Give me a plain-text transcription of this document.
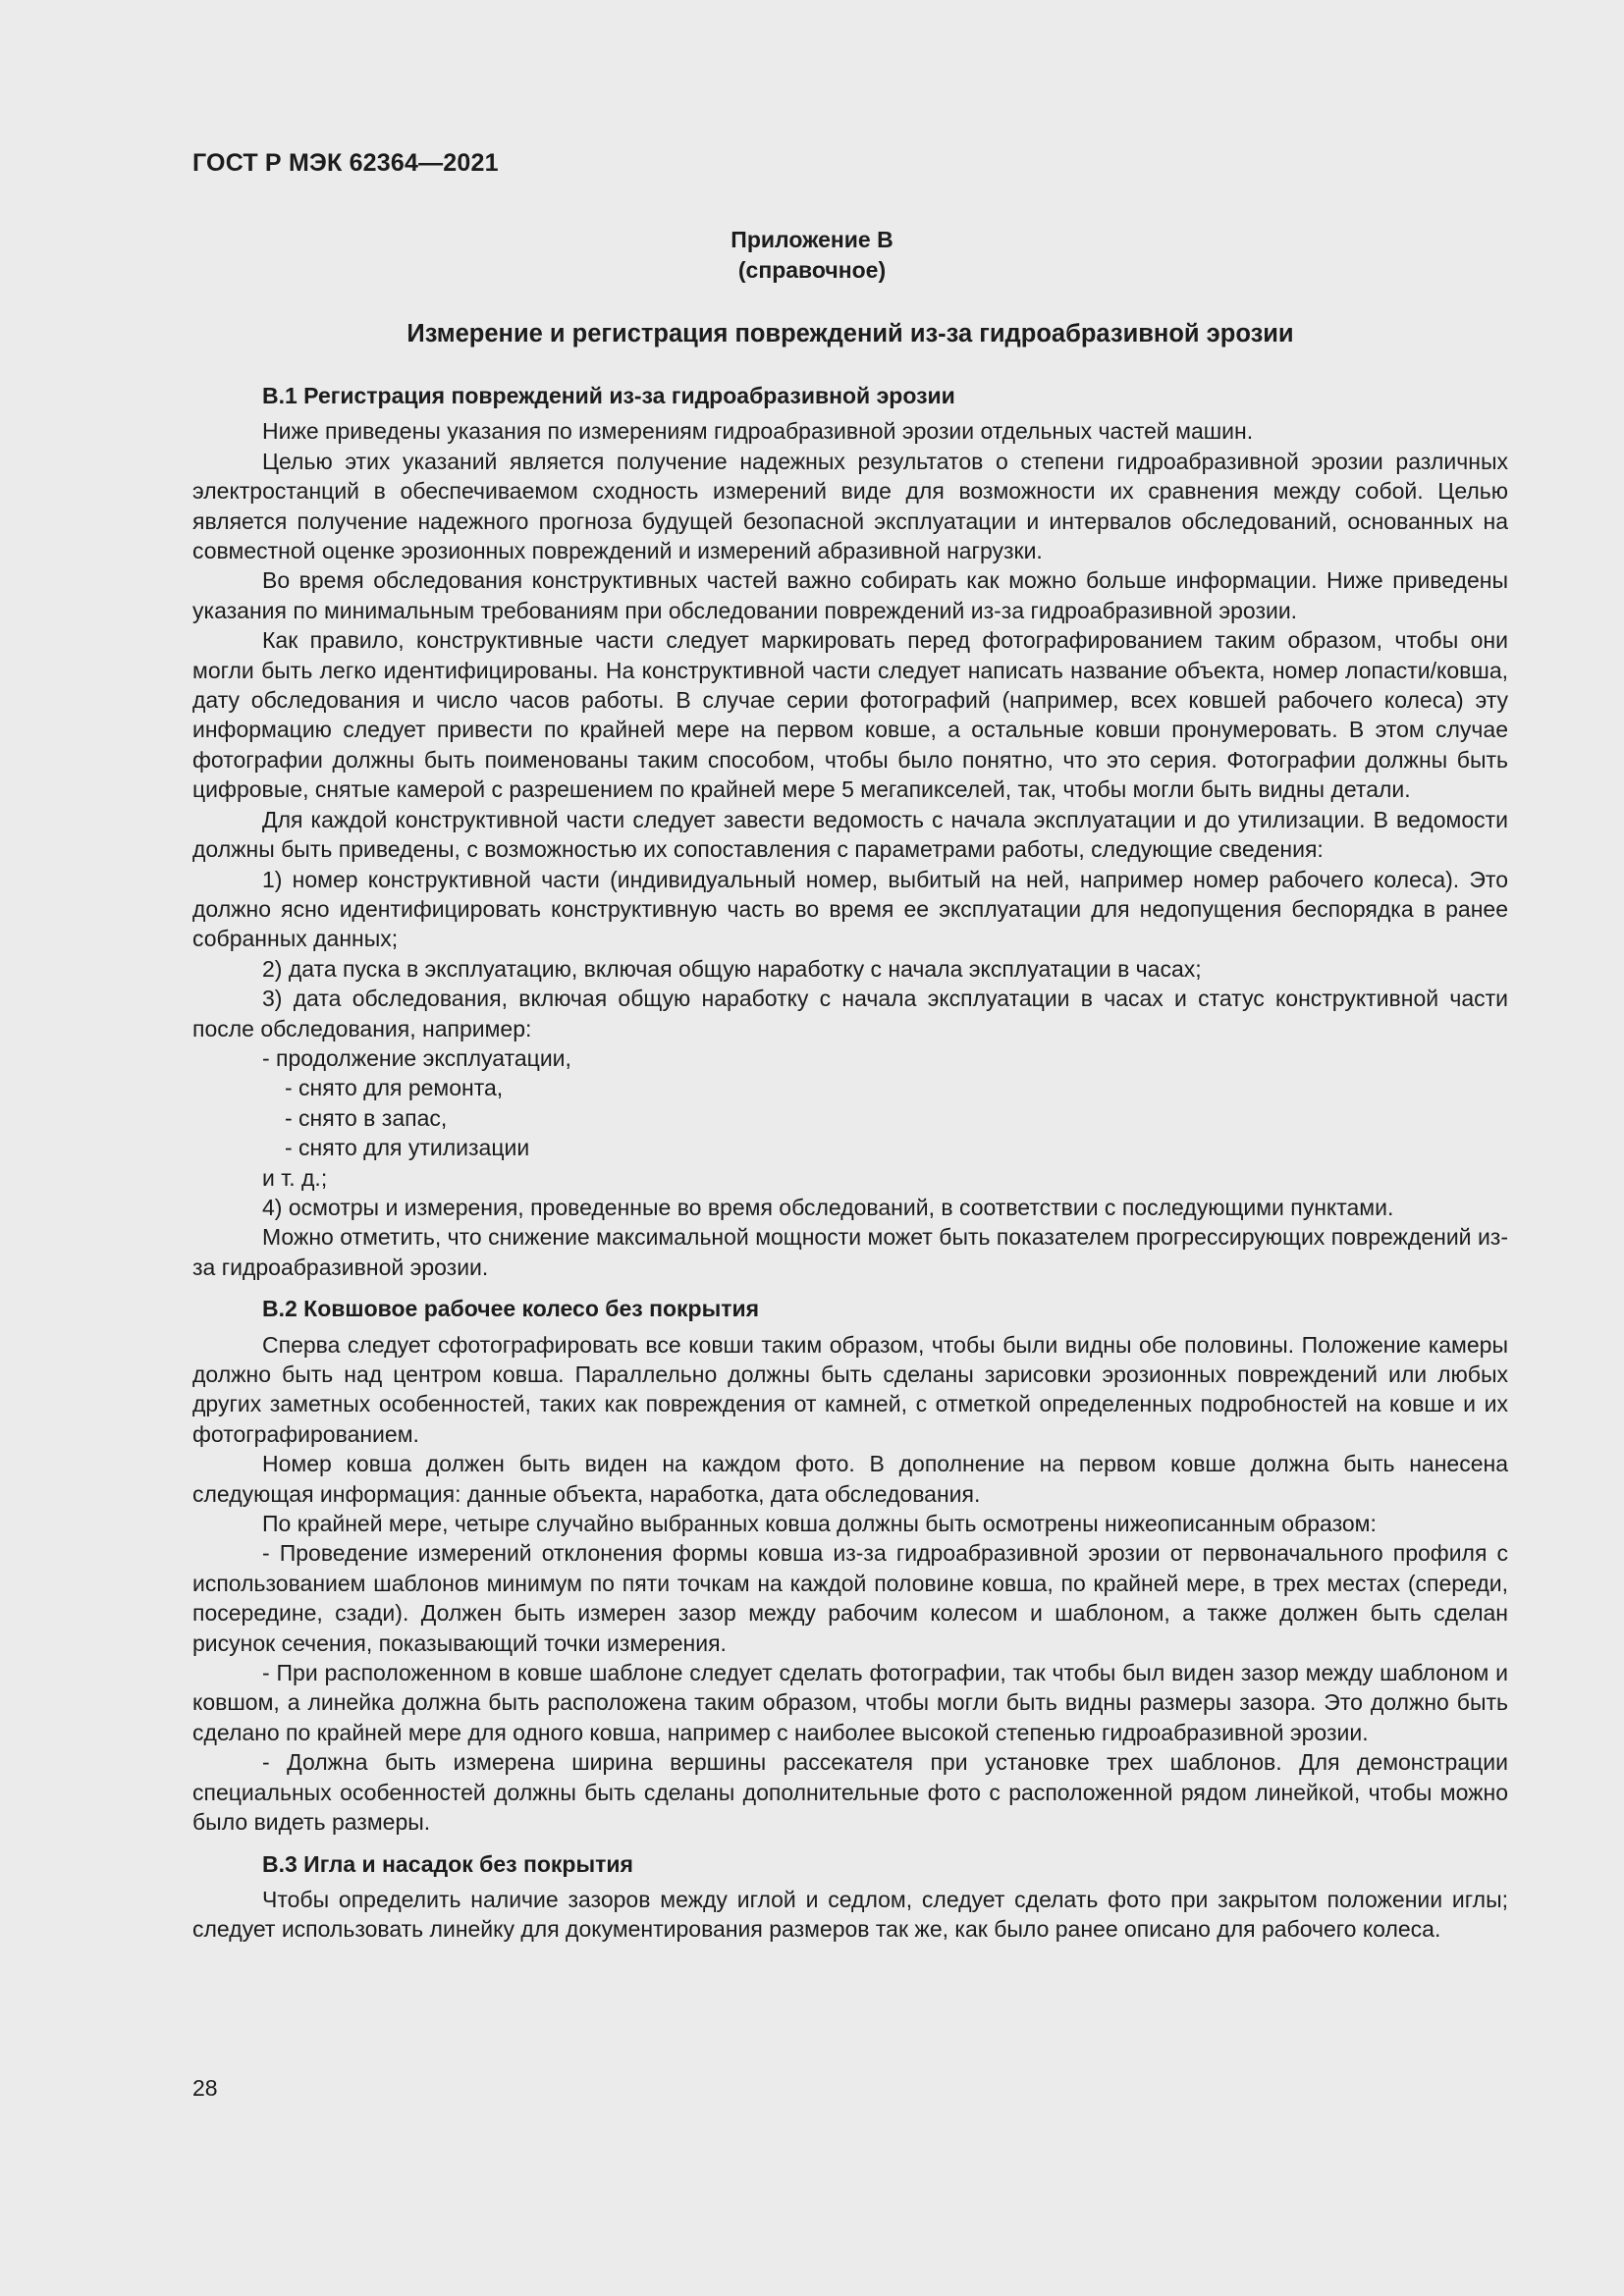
ГОСТ Р МЭК 62364—2021
Приложение В
(справочное)
Измерение и регистрация повреждений из-за гидроабразивной эрозии

В.1 Регистрация повреждений из-за гидроабразивной эрозии

Ниже приведены указания по измерениям гидроабразивной эрозии отдельных частей машин.

Целью этих указаний является получение надежных результатов о степени гидроабразивной эрозии различных электростанций в обеспечиваемом сходность измерений виде для возможности их сравнения между собой. Целью является получение надежного прогноза будущей безопасной эксплуатации и интервалов обследований, основанных на совместной оценке эрозионных повреждений и измерений абразивной нагрузки.

Во время обследования конструктивных частей важно собирать как можно больше информации. Ниже приведены указания по минимальным требованиям при обследовании повреждений из-за гидроабразивной эрозии.

Как правило, конструктивные части следует маркировать перед фотографированием таким образом, чтобы они могли быть легко идентифицированы. На конструктивной части следует написать название объекта, номер лопасти/ковша, дату обследования и число часов работы. В случае серии фотографий (например, всех ковшей рабочего колеса) эту информацию следует привести по крайней мере на первом ковше, а остальные ковши пронумеровать. В этом случае фотографии должны быть поименованы таким способом, чтобы было понятно, что это серия. Фотографии должны быть цифровые, снятые камерой с разрешением по крайней мере 5 мегапикселей, так, чтобы могли быть видны детали.

Для каждой конструктивной части следует завести ведомость с начала эксплуатации и до утилизации. В ведомости должны быть приведены, с возможностью их сопоставления с параметрами работы, следующие сведения:

1) номер конструктивной части (индивидуальный номер, выбитый на ней, например номер рабочего колеса). Это должно ясно идентифицировать конструктивную часть во время ее эксплуатации для недопущения беспорядка в ранее собранных данных;

2) дата пуска в эксплуатацию, включая общую наработку с начала эксплуатации в часах;

3) дата обследования, включая общую наработку с начала эксплуатации в часах и статус конструктивной части после обследования, например:

- продолжение эксплуатации,

- снято для ремонта,

- снято в запас,

- снято для утилизации

и т. д.;

4) осмотры и измерения, проведенные во время обследований, в соответствии с последующими пунктами.

Можно отметить, что снижение максимальной мощности может быть показателем прогрессирующих повреждений из-за гидроабразивной эрозии.

В.2 Ковшовое рабочее колесо без покрытия

Сперва следует сфотографировать все ковши таким образом, чтобы были видны обе половины. Положение камеры должно быть над центром ковша. Параллельно должны быть сделаны зарисовки эрозионных повреждений или любых других заметных особенностей, таких как повреждения от камней, с отметкой определенных подробностей на ковше и их фотографированием.

Номер ковша должен быть виден на каждом фото. В дополнение на первом ковше должна быть нанесена следующая информация: данные объекта, наработка, дата обследования.

По крайней мере, четыре случайно выбранных ковша должны быть осмотрены нижеописанным образом:

- Проведение измерений отклонения формы ковша из-за гидроабразивной эрозии от первоначального профиля с использованием шаблонов минимум по пяти точкам на каждой половине ковша, по крайней мере, в трех местах (спереди, посередине, сзади). Должен быть измерен зазор между рабочим колесом и шаблоном, а также должен быть сделан рисунок сечения, показывающий точки измерения.

- При расположенном в ковше шаблоне следует сделать фотографии, так чтобы был виден зазор между шаблоном и ковшом, а линейка должна быть расположена таким образом, чтобы могли быть видны размеры зазора. Это должно быть сделано по крайней мере для одного ковша, например с наиболее высокой степенью гидроабразивной эрозии.

- Должна быть измерена ширина вершины рассекателя при установке трех шаблонов. Для демонстрации специальных особенностей должны быть сделаны дополнительные фото с расположенной рядом линейкой, чтобы можно было видеть размеры.

В.3 Игла и насадок без покрытия

Чтобы определить наличие зазоров между иглой и седлом, следует сделать фото при закрытом положении иглы; следует использовать линейку для документирования размеров так же, как было ранее описано для рабочего колеса.

28
